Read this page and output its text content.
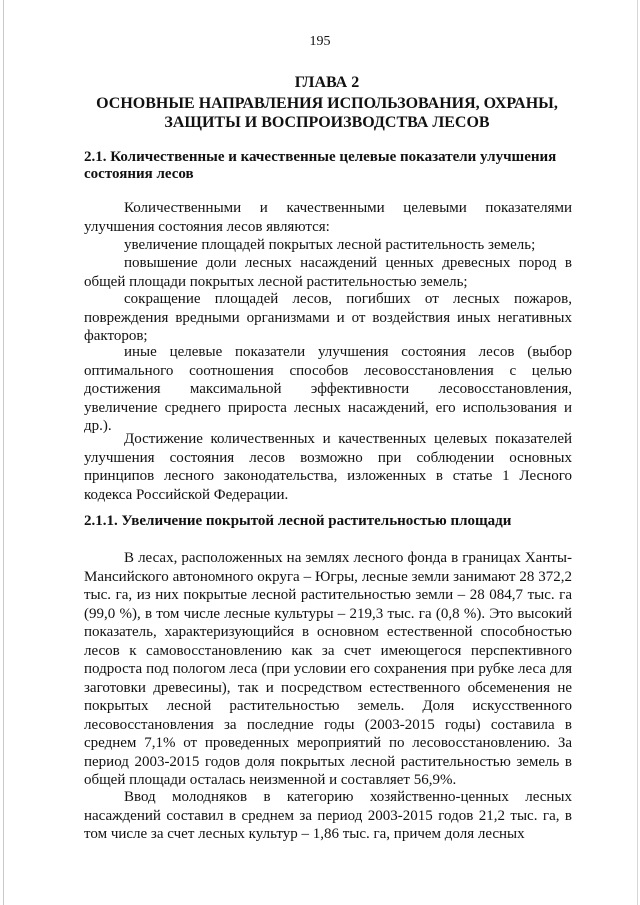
195
ГЛАВА 2
ОСНОВНЫЕ НАПРАВЛЕНИЯ ИСПОЛЬЗОВАНИЯ, ОХРАНЫ,
ЗАЩИТЫ И ВОСПРОИЗВОДСТВА ЛЕСОВ
2.1. Количественные и качественные целевые показатели улучшения состояния лесов

Количественными и качественными целевыми показателями улучшения состояния лесов являются:

увеличение площадей покрытых лесной растительность земель;

повышение доли лесных насаждений ценных древесных пород в общей площади покрытых лесной растительностью земель;

сокращение площадей лесов, погибших от лесных пожаров, повреждения вредными организмами и от воздействия иных негативных факторов;

иные целевые показатели улучшения состояния лесов (выбор оптимального соотношения способов лесовосстановления с целью достижения максимальной эффективности лесовосстановления, увеличение среднего прироста лесных насаждений, его использования и др.).

Достижение количественных и качественных целевых показателей улучшения состояния лесов возможно при соблюдении основных принципов лесного законодательства, изложенных в статье 1 Лесного кодекса Российской Федерации.

2.1.1. Увеличение покрытой лесной растительностью площади

В лесах, расположенных на землях лесного фонда в границах Ханты-Мансийского автономного округа – Югры, лесные земли занимают 28 372,2 тыс. га, из них покрытые лесной растительностью земли – 28 084,7 тыс. га (99,0 %), в том числе лесные культуры – 219,3 тыс. га (0,8 %). Это высокий показатель, характеризующийся в основном естественной способностью лесов к самовосстановлению как за счет имеющегося перспективного подроста под пологом леса (при условии его сохранения при рубке леса для заготовки древесины), так и посредством естественного обсеменения не покрытых лесной растительностью земель. Доля искусственного лесовосстановления за последние годы (2003-2015 годы) составила в среднем 7,1% от проведенных мероприятий по лесовосстановлению. За период 2003-2015 годов доля покрытых лесной растительностью земель в общей площади осталась неизменной и составляет 56,9%.

Ввод молодняков в категорию хозяйственно-ценных лесных насаждений составил в среднем за период 2003-2015 годов 21,2 тыс. га, в том числе за счет лесных культур – 1,86 тыс. га, причем доля лесных
